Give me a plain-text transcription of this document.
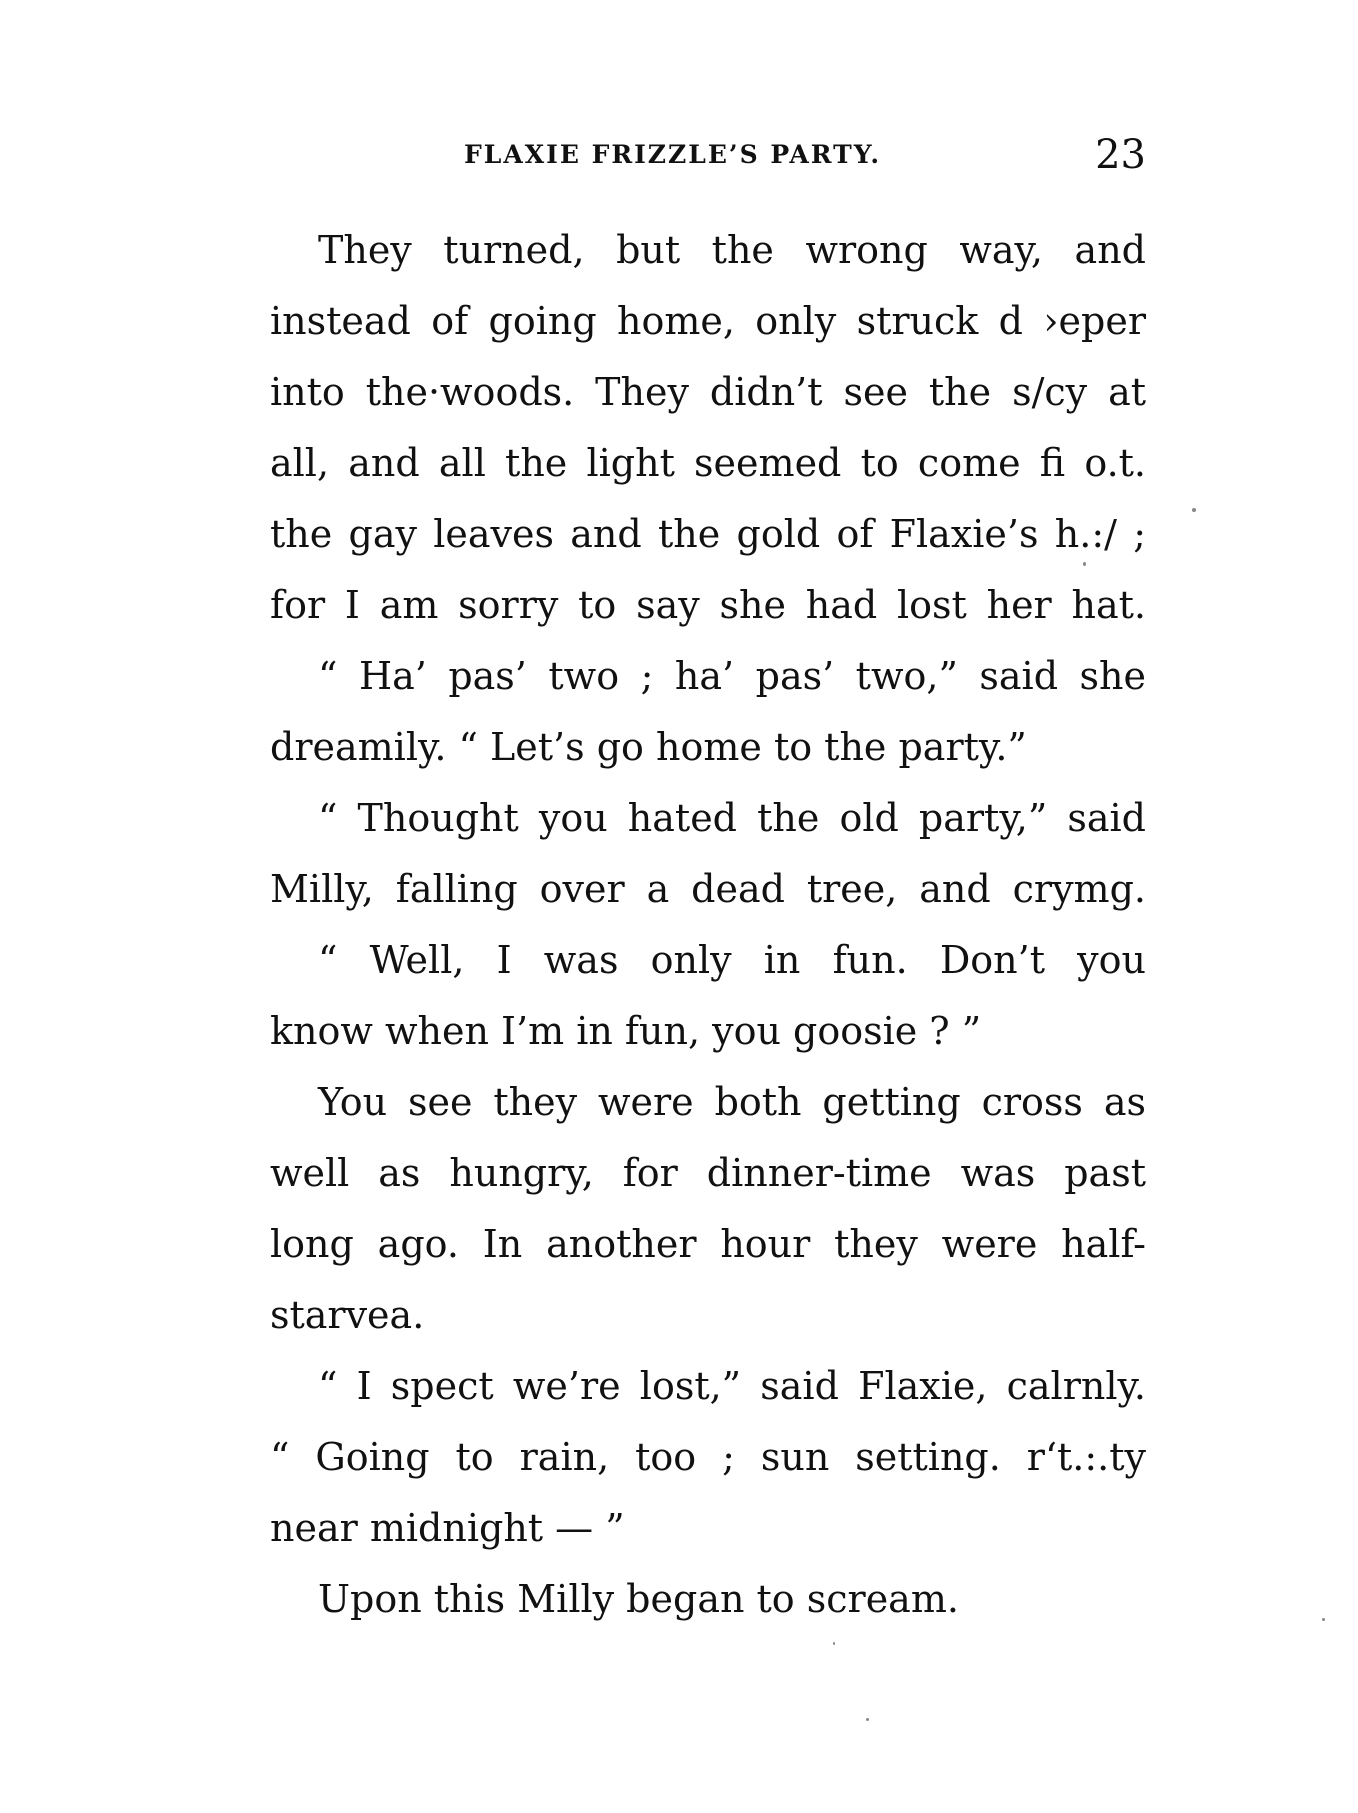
FLAXIE FRIZZLE’S PARTY.	23
They turned, but the wrong way, and
instead of going home, only struck d ›eper
into the·woods. They didn’t see the s/cy at
all, and all the light seemed to come fi o.t.
the gay leaves and the gold of Flaxie’s h.:/ ;
for I am sorry to say she had lost her hat.
“ Ha’ pas’ two ; ha’ pas’ two,” said she
dreamily. “ Let’s go home to the party.”
“ Thought you hated the old party,” said
Milly, falling over a dead tree, and crymg.
“ Well, I was only in fun. Don’t you
know when I’m in fun, you goosie ? ”
You see they were both getting cross as
well as hungry, for dinner-time was past
long ago. In another hour they were half-
starvea.
“ I spect we’re lost,” said Flaxie, calrnly.
“ Going to rain, too ; sun setting. r‘t.:.ty
near midnight — ”
Upon this Milly began to scream.
